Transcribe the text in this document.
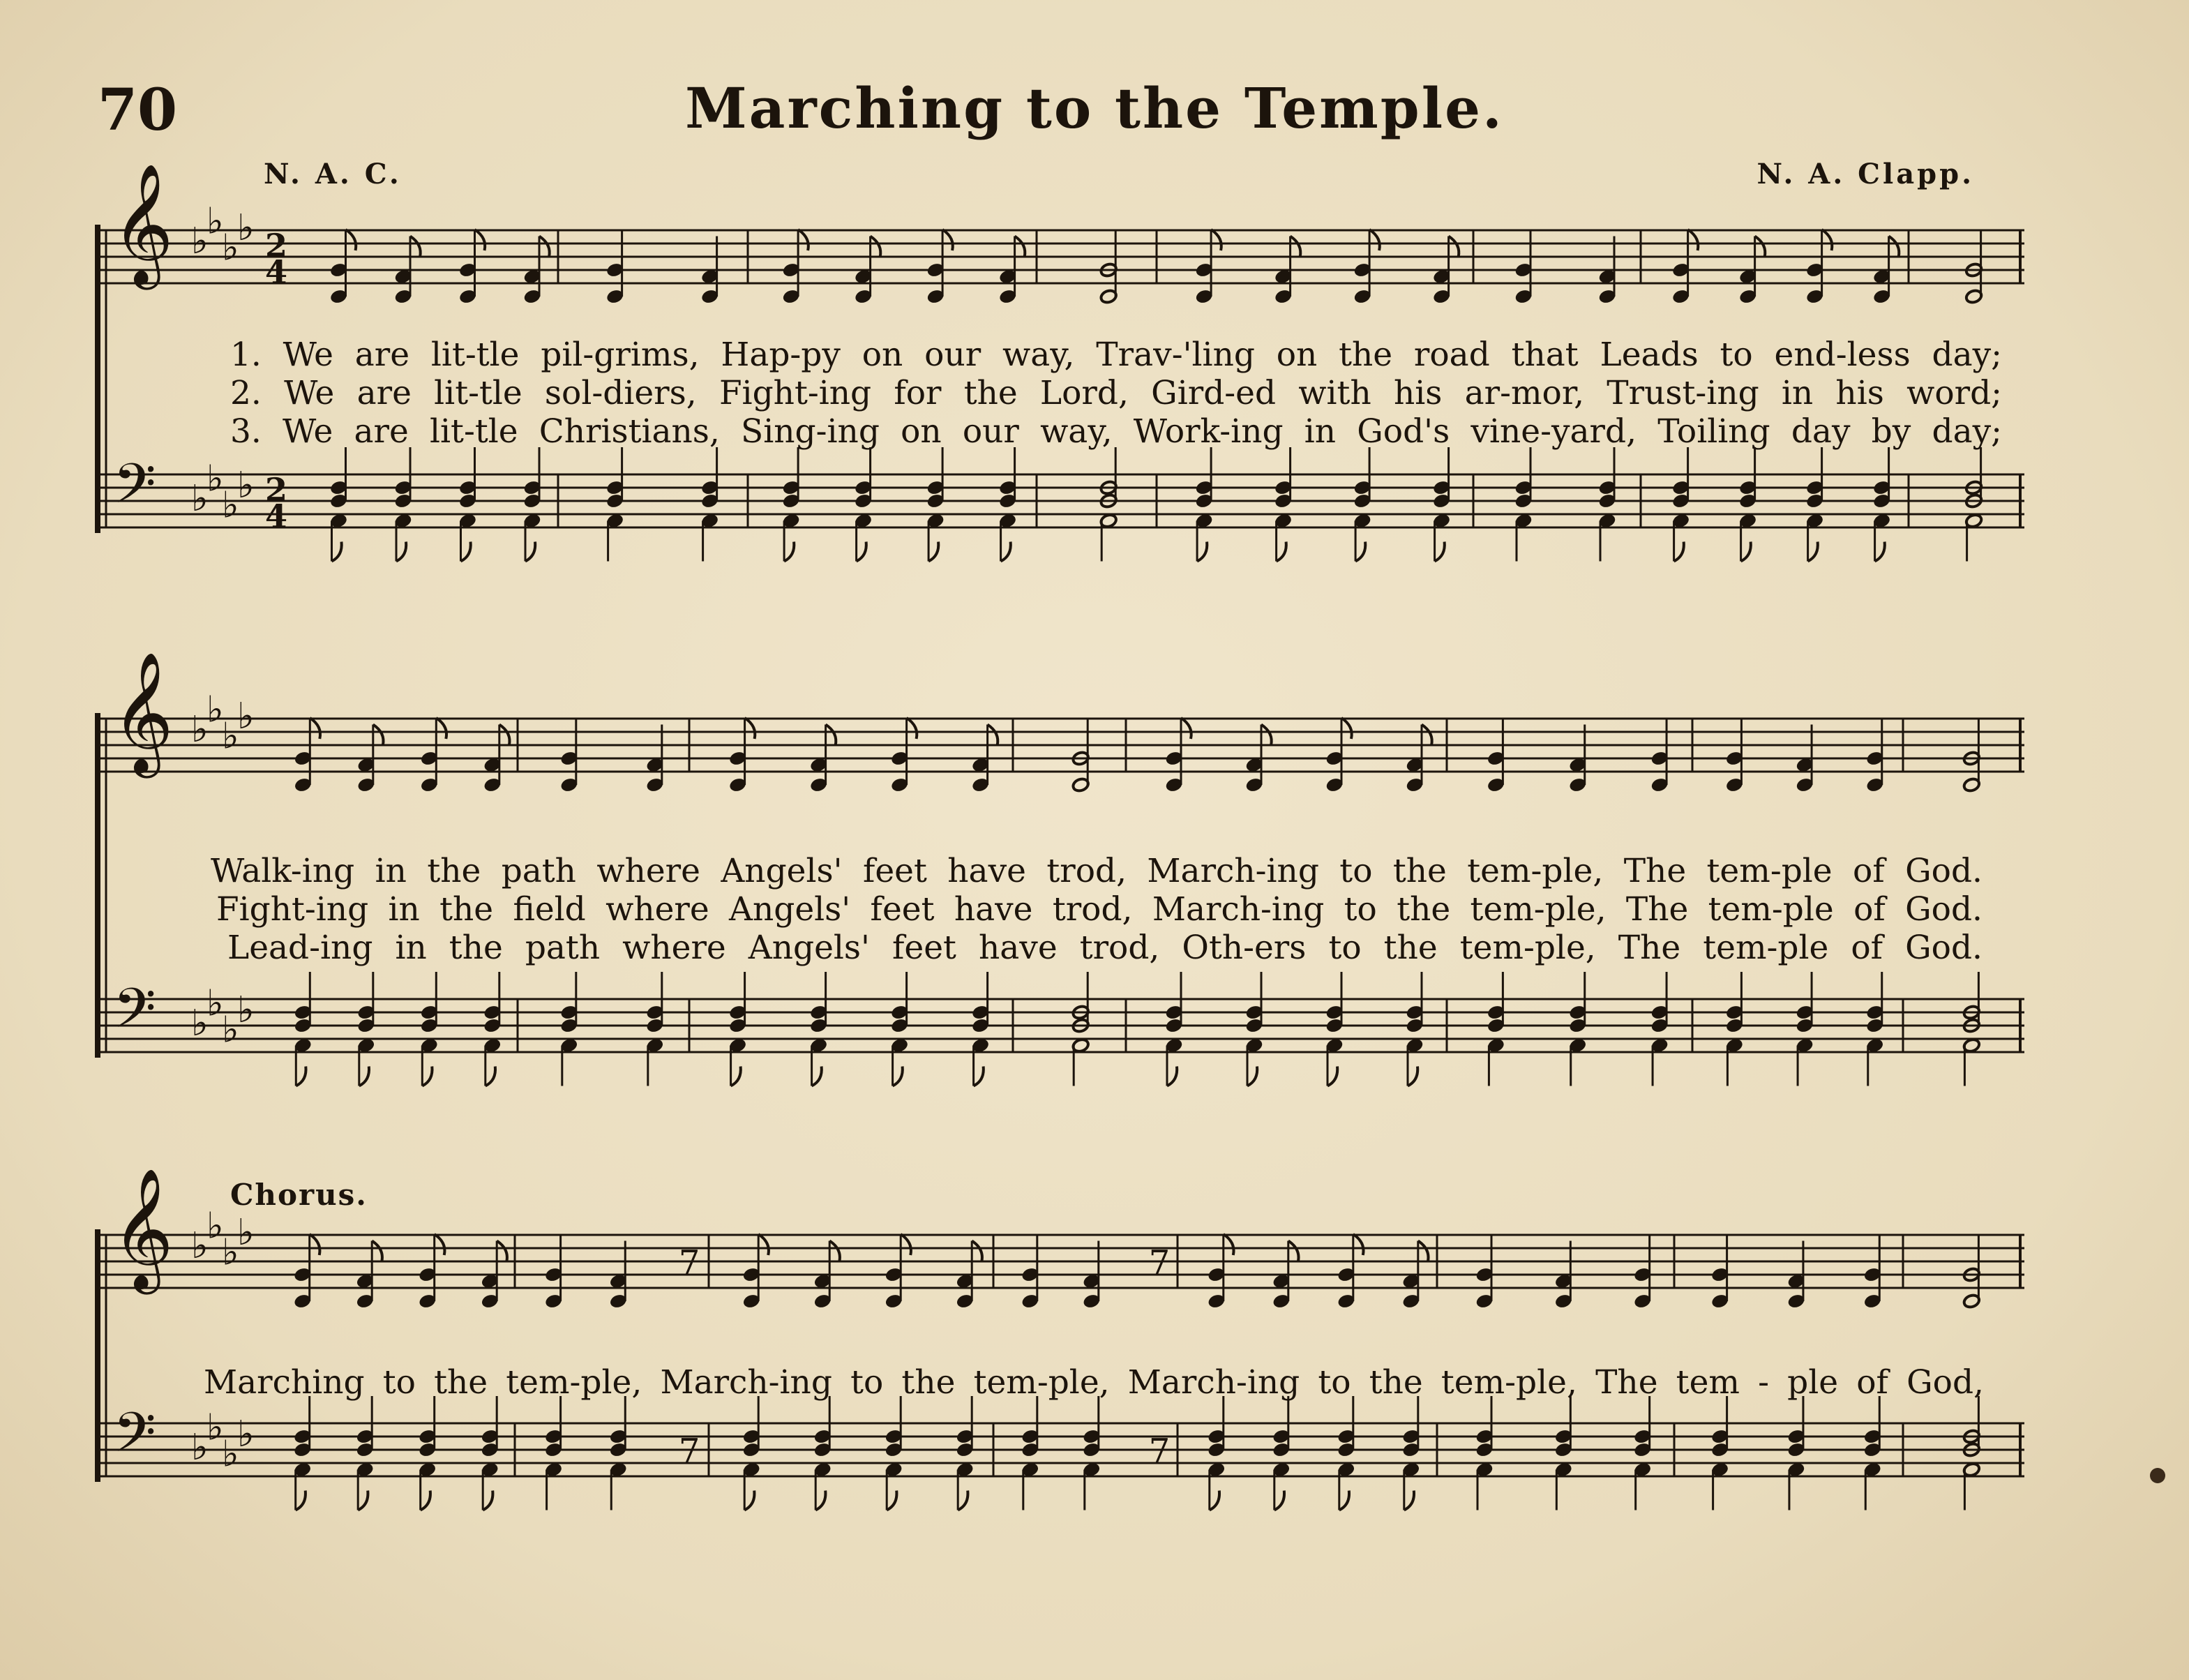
𝄞
𝄢
♭
♭
♭
♭
♭
♭
♭
♭
2
4
2
4
𝄞
𝄢
♭
♭
♭
♭
♭
♭
♭
♭
𝄞
𝄢
♭
♭
♭
♭
♭
♭
♭
♭
7
7
7
7
70	Marching to the Temple.
N. A. C.	N. A. Clapp.
1. We are lit-tle pil-grims, Hap-py on our way, Trav-'ling on the road that Leads to end-less day;
2. We are lit-tle sol-diers, Fight-ing for the Lord, Gird-ed with his ar-mor, Trust-ing in his word;
3. We are lit-tle Christians, Sing-ing on our way, Work-ing in God's vine-yard, Toiling day by day;
Walk-ing in the path where Angels' feet have trod, March-ing to the tem-ple, The tem-ple of God.
Fight-ing in the field where Angels' feet have trod, March-ing to the tem-ple, The tem-ple of God.
Lead-ing in the path where Angels' feet have trod, Oth-ers to the tem-ple, The tem-ple of God.
Chorus.
Marching to the tem-ple, March-ing to the tem-ple, March-ing to the tem-ple, The tem - ple of God,
